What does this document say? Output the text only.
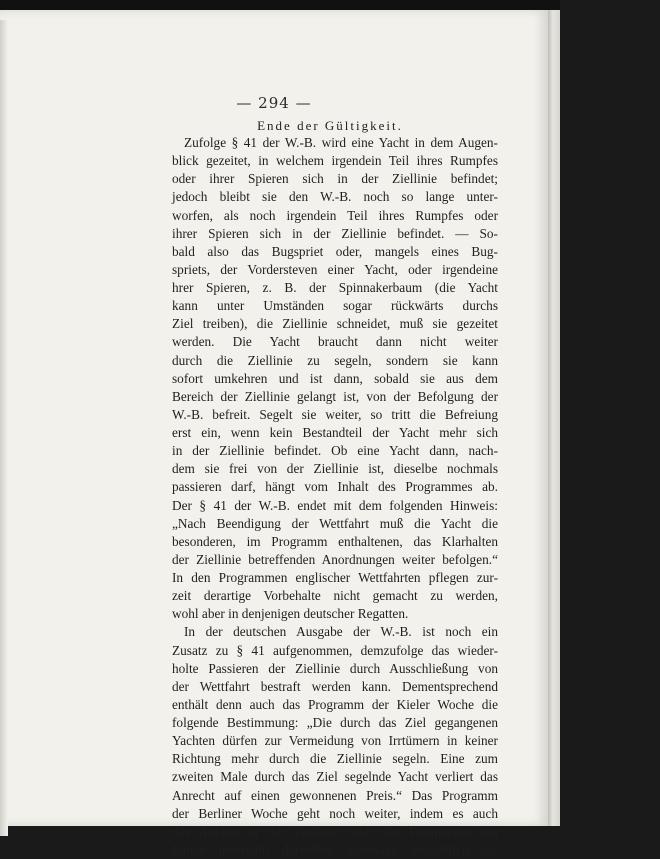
— 294 —
Ende der Gültigkeit.
Zufolge § 41 der W.-B. wird eine Yacht in dem Augen-
blick gezeitet, in welchem irgendein Teil ihres Rumpfes
oder ihrer Spieren sich in der Ziellinie befindet;
jedoch bleibt sie den W.-B. noch so lange unter-
worfen, als noch irgendein Teil ihres Rumpfes oder
ihrer Spieren sich in der Ziellinie befindet. — So-
bald also das Bugspriet oder, mangels eines Bug-
spriets, der Vordersteven einer Yacht, oder irgendeine
hrer Spieren, z. B. der Spinnakerbaum (die Yacht
kann unter Umständen sogar rückwärts durchs
Ziel treiben), die Ziellinie schneidet, muß sie gezeitet
werden. Die Yacht braucht dann nicht weiter
durch die Ziellinie zu segeln, sondern sie kann
sofort umkehren und ist dann, sobald sie aus dem
Bereich der Ziellinie gelangt ist, von der Befolgung der
W.-B. befreit. Segelt sie weiter, so tritt die Befreiung
erst ein, wenn kein Bestandteil der Yacht mehr sich
in der Ziellinie befindet. Ob eine Yacht dann, nach-
dem sie frei von der Ziellinie ist, dieselbe nochmals
passieren darf, hängt vom Inhalt des Programmes ab.
Der § 41 der W.-B. endet mit dem folgenden Hinweis:
„Nach Beendigung der Wettfahrt muß die Yacht die
besonderen, im Programm enthaltenen, das Klarhalten
der Ziellinie betreffenden Anordnungen weiter befolgen.“
In den Programmen englischer Wettfahrten pflegen zur-
zeit derartige Vorbehalte nicht gemacht zu werden,
wohl aber in denjenigen deutscher Regatten.
In der deutschen Ausgabe der W.-B. ist noch ein
Zusatz zu § 41 aufgenommen, demzufolge das wieder-
holte Passieren der Ziellinie durch Ausschließung von
der Wettfahrt bestraft werden kann. Dementsprechend
enthält denn auch das Programm der Kieler Woche die
folgende Bestimmung: „Die durch das Ziel gegangenen
Yachten dürfen zur Vermeidung von Irrtümern in keiner
Richtung mehr durch die Ziellinie segeln. Eine zum
zweiten Male durch das Ziel segelnde Yacht verliert das
Anrecht auf einen gewonnenen Preis.“ Das Programm
der Berliner Woche geht noch weiter, indem es auch
das Ankern in der Ziellinie oder das Festmachen am
Lande innerhalb derselben untersagt. Beachtlich ist,
